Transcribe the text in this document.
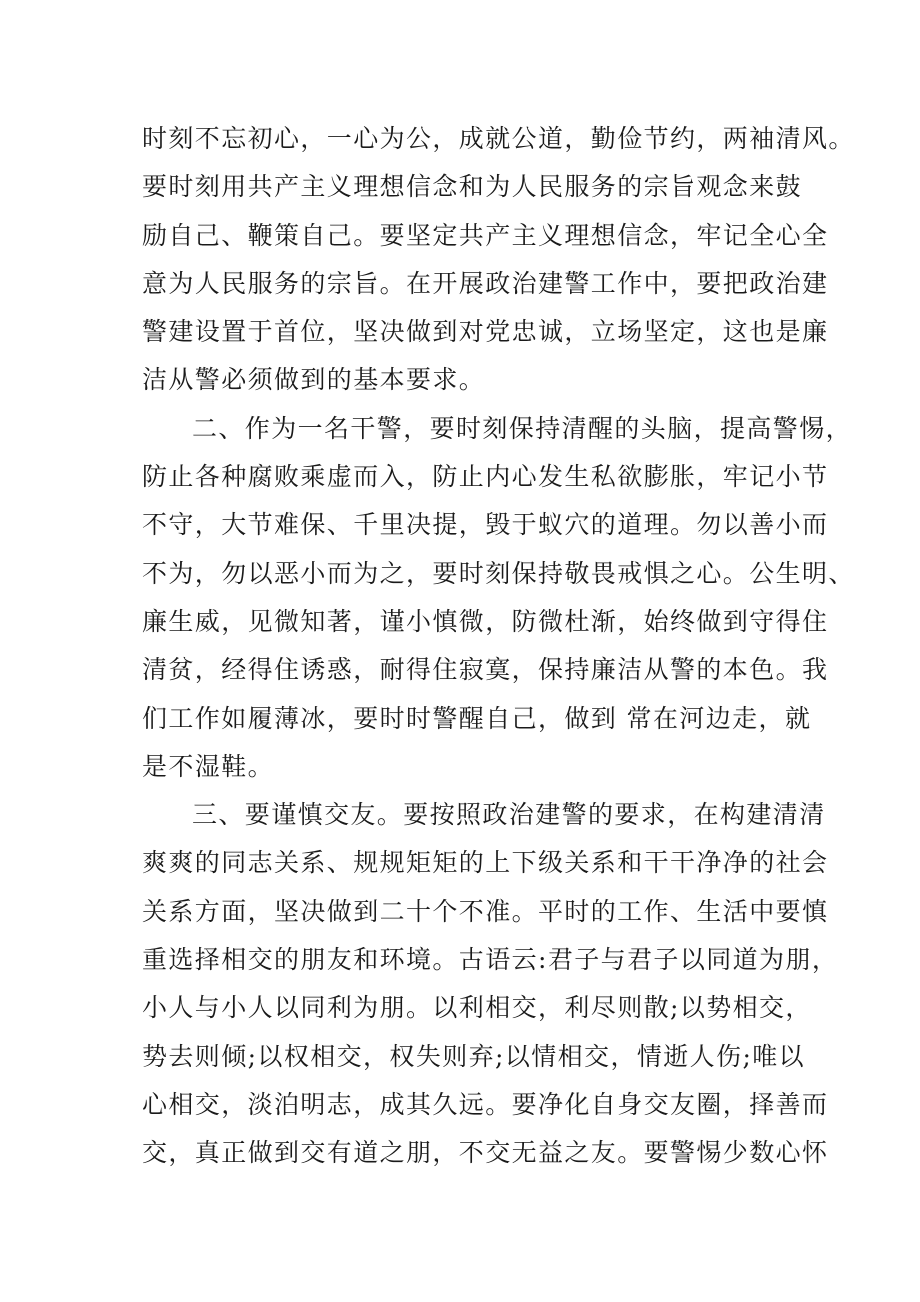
时刻不忘初心，一心为公，成就公道，勤俭节约，两袖清风。
要时刻用共产主义理想信念和为人民服务的宗旨观念来鼓
励自己、鞭策自己。要坚定共产主义理想信念，牢记全心全
意为人民服务的宗旨。在开展政治建警工作中，要把政治建
警建设置于首位，坚决做到对党忠诚，立场坚定，这也是廉
洁从警必须做到的基本要求。
二、作为一名干警，要时刻保持清醒的头脑，提高警惕，
防止各种腐败乘虚而入，防止内心发生私欲膨胀，牢记小节
不守，大节难保、千里决提，毁于蚁穴的道理。勿以善小而
不为，勿以恶小而为之，要时刻保持敬畏戒惧之心。公生明、
廉生威，见微知著，谨小慎微，防微杜渐，始终做到守得住
清贫，经得住诱惑，耐得住寂寞，保持廉洁从警的本色。我
们工作如履薄冰，要时时警醒自己，做到 常在河边走，就
是不湿鞋。
三、要谨慎交友。要按照政治建警的要求，在构建清清
爽爽的同志关系、规规矩矩的上下级关系和干干净净的社会
关系方面，坚决做到二十个不准。平时的工作、生活中要慎
重选择相交的朋友和环境。古语云:君子与君子以同道为朋，
小人与小人以同利为朋。以利相交，利尽则散;以势相交，
势去则倾;以权相交，权失则弃;以情相交，情逝人伤;唯以
心相交，淡泊明志，成其久远。要净化自身交友圈，择善而
交，真正做到交有道之朋，不交无益之友。要警惕少数心怀
